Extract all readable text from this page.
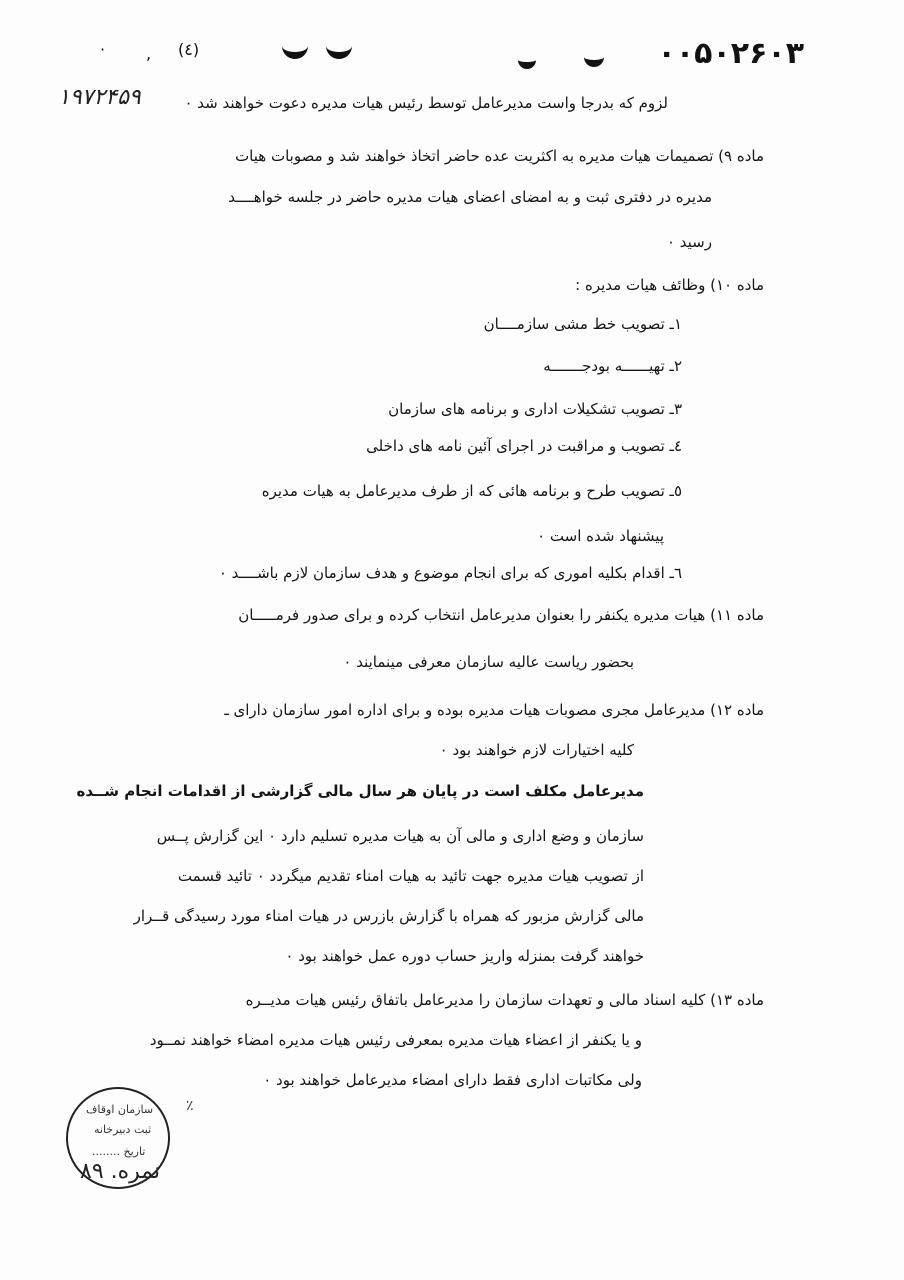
۰۰۵۰۲۶۰۳
(٤)
·	,
۱۹۷۲۴۵۹	لزوم که بدرجا واست مدیرعامل توسط رئیس هیات مدیره دعوت خواهند شد ٠
ماده ۹) تصمیمات هیات مدیره به اکثریت عده حاضر اتخاذ خواهند شد و مصوبات هیات
مدیره در دفتری ثبت و به امضای اعضای هیات مدیره حاضر در جلسه خواهــــد
رسید ٠
ماده ۱۰) وظائف هیات مدیره :
۱ـ تصویب خط مشی سازمــــان
۲ـ تهیــــــه بودجـــــــه
۳ـ تصویب تشکیلات اداری و برنامه های سازمان
٤ـ تصویب و مراقبت در اجرای آئین نامه های داخلی
٥ـ تصویب طرح و برنامه هائی که از طرف مدیرعامل به هیات مدیره
پیشنهاد شده است ٠
٦ـ اقدام بکلیه اموری که برای انجام موضوع و هدف سازمان لازم باشــــد ٠
ماده ۱۱) هیات مدیره یکنفر را بعنوان مدیرعامل انتخاب کرده و برای صدور فرمـــــان
بحضور ریاست عالیه سازمان معرفی مینمایند ٠
ماده ۱۲) مدیرعامل مجری مصوبات هیات مدیره بوده و برای اداره امور سازمان دارای ـ
کلیه اختیارات لازم خواهند بود ٠
مدیرعامل مکلف است در پایان هر سال مالی گزارشی از اقدامات انجام شــده
سازمان و وضع اداری و مالی آن به هیات مدیره تسلیم دارد ٠ این گزارش پــس
از تصویب هیات مدیره جهت تائید به هیات امناء تقدیم میگردد ٠ تائید قسمت
مالی گزارش مزبور که همراه با گزارش بازرس در هیات امناء مورد رسیدگی قــرار
خواهند گرفت بمنزله واریز حساب دوره عمل خواهند بود ٠
ماده ۱۳) کلیه اسناد مالی و تعهدات سازمان را مدیرعامل باتفاق رئیس هیات مدیــره
و یا یکنفر از اعضاء هیات مدیره بمعرفی رئیس هیات مدیره امضاء خواهند نمــود
ولی مکاتبات اداری فقط دارای امضاء مدیرعامل خواهند بود ٠
٪
سازمان اوقاف
ثبت دبیرخانه
تاریخ ........
۸۹ .نمره
